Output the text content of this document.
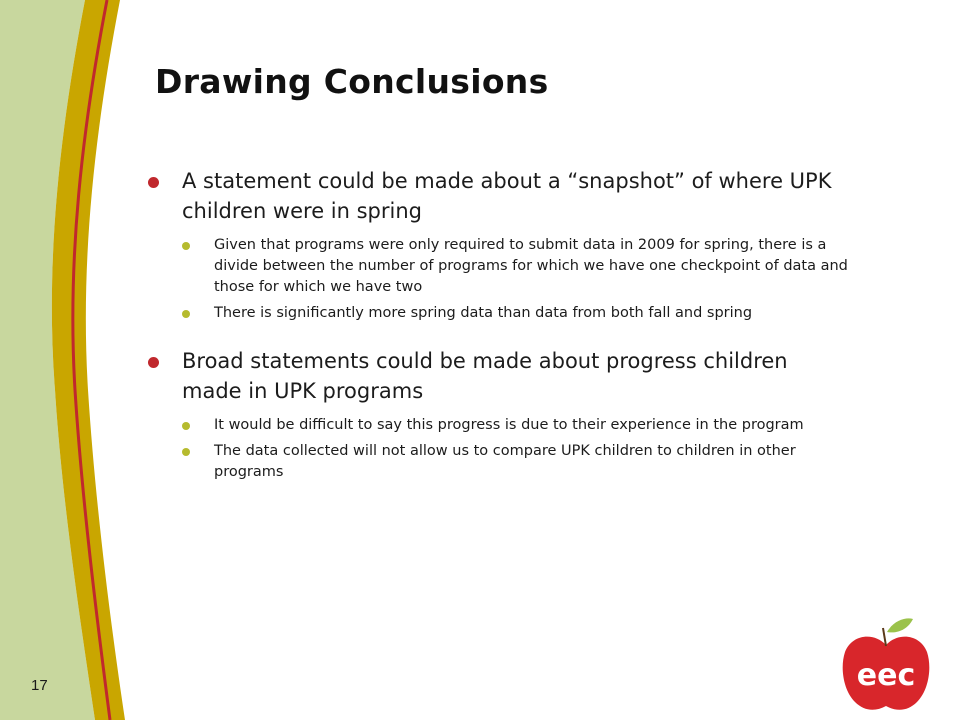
eec
Drawing Conclusions
A statement could be made about a “snapshot” of where UPK children were in spring
Given that programs were only required to submit data in 2009 for spring, there is a divide between the number of programs for which we have one checkpoint of data and those for which we have two
There is significantly more spring data than data from both fall and spring
Broad statements could be made about progress children made in UPK programs
It would be difficult to say this progress is due to their experience in the program
The data collected will not allow us to compare UPK children to children in other programs
17
